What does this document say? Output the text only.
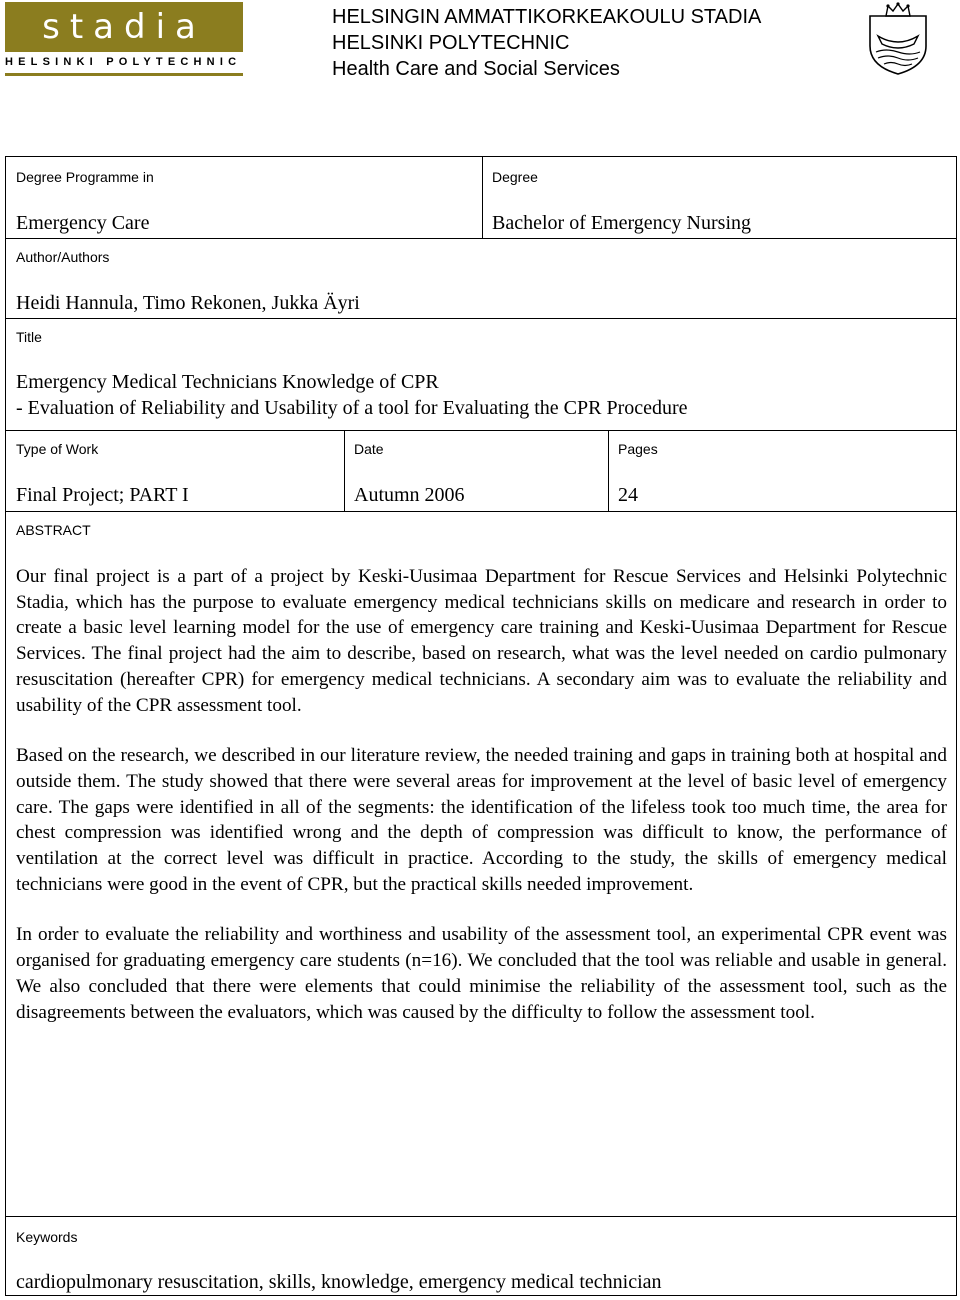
stadia
HELSINKI POLYTECHNIC
HELSINGIN AMMATTIKORKEAKOULU STADIA
HELSINKI POLYTECHNIC
Health Care and Social Services
Degree Programme in
Emergency Care
Degree
Bachelor of Emergency Nursing
Author/Authors
Heidi Hannula, Timo Rekonen, Jukka Äyri
Title
Emergency Medical Technicians Knowledge of CPR
- Evaluation of Reliability and Usability of a tool for Evaluating the CPR Procedure
Type of Work
Final Project; PART I
Date
Autumn 2006
Pages
24
ABSTRACT

Our final project is a part of a project by Keski-Uusimaa Department for Rescue Services and Helsinki Polytechnic Stadia, which has the purpose to evaluate emergency medical technicians skills on medicare and research in order to create a basic level learning model for the use of emergency care training and Keski-Uusimaa Department for Rescue Services. The final project had the aim to describe, based on research, what was the level needed on cardio pulmonary resuscitation (hereafter CPR) for emergency medical technicians. A secondary aim was to evaluate the reliability and usability of the CPR assessment tool.

Based on the research, we described in our literature review, the needed training and gaps in training both at hospital and outside them. The study showed that there were several areas for improvement at the level of basic level of emergency care. The gaps were identified in all of the segments: the identification of the lifeless took too much time, the area for chest compression was identified wrong and the depth of compression was difficult to know, the performance of ventilation at the correct level was difficult in practice. According to the study, the skills of emergency medical technicians were good in the event of CPR, but the practical skills needed improvement.

In order to evaluate the reliability and worthiness and usability of the assessment tool, an experimental CPR event was organised for graduating emergency care students (n=16). We concluded that the tool was reliable and usable in general. We also concluded that there were elements that could minimise the reliability of the assessment tool, such as the disagreements between the evaluators, which was caused by the difficulty to follow the assessment tool.

Keywords
cardiopulmonary resuscitation, skills, knowledge, emergency medical technician
